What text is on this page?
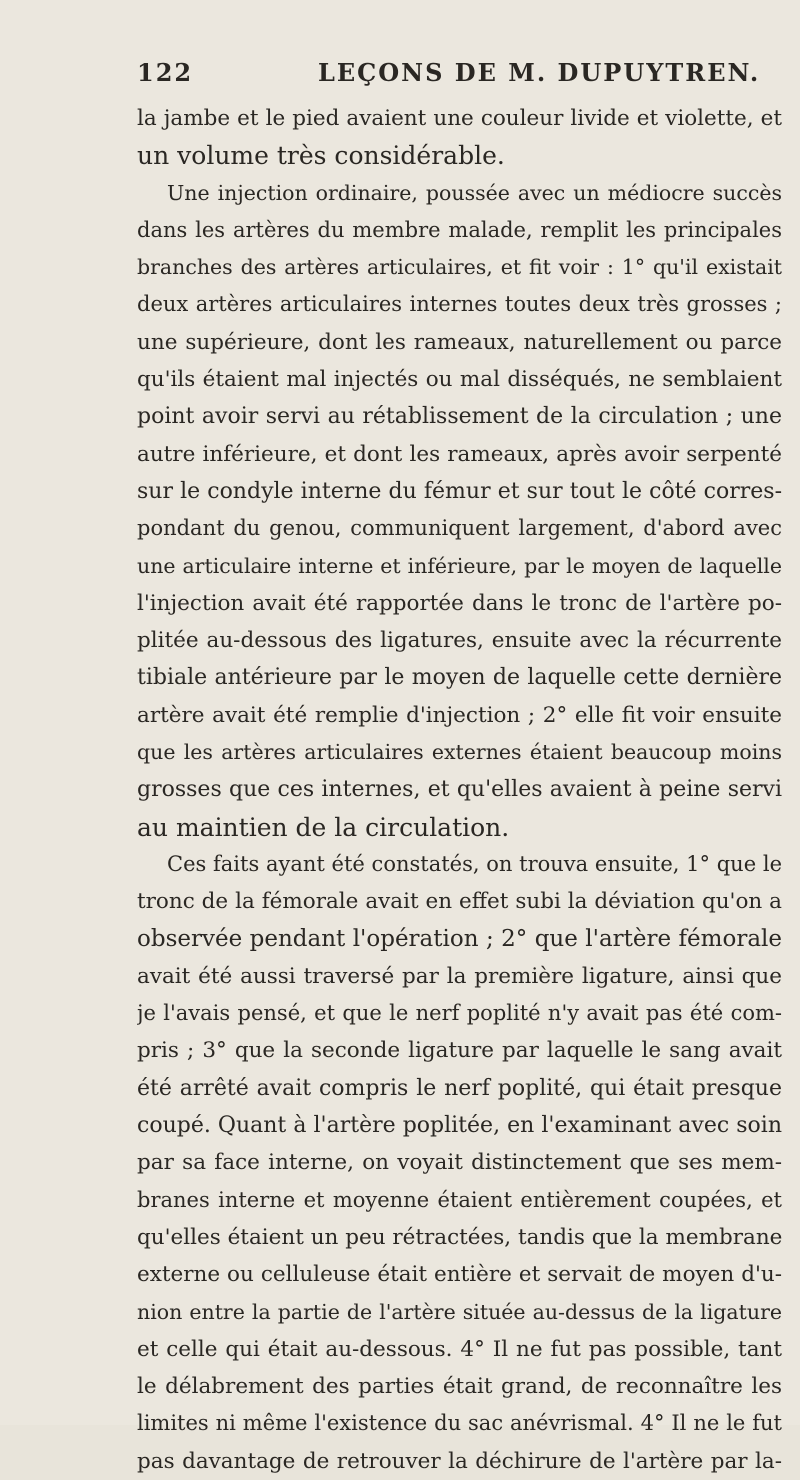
122	LEÇONS DE M. DUPUYTREN.
la jambe et le pied avaient une couleur livide et violette, et
un volume très considérable.
Une injection ordinaire, poussée avec un médiocre succès
dans les artères du membre malade, remplit les principales
branches des artères articulaires, et fit voir : 1° qu'il existait
deux artères articulaires internes toutes deux très grosses ;
une supérieure, dont les rameaux, naturellement ou parce
qu'ils étaient mal injectés ou mal disséqués, ne semblaient
point avoir servi au rétablissement de la circulation ; une
autre inférieure, et dont les rameaux, après avoir serpenté
sur le condyle interne du fémur et sur tout le côté corres-
pondant du genou, communiquent largement, d'abord avec
une articulaire interne et inférieure, par le moyen de laquelle
l'injection avait été rapportée dans le tronc de l'artère po-
plitée au-dessous des ligatures, ensuite avec la récurrente
tibiale antérieure par le moyen de laquelle cette dernière
artère avait été remplie d'injection ; 2° elle fit voir ensuite
que les artères articulaires externes étaient beaucoup moins
grosses que ces internes, et qu'elles avaient à peine servi
au maintien de la circulation.
Ces faits ayant été constatés, on trouva ensuite, 1° que le
tronc de la fémorale avait en effet subi la déviation qu'on a
observée pendant l'opération ; 2° que l'artère fémorale
avait été aussi traversé par la première ligature, ainsi que
je l'avais pensé, et que le nerf poplité n'y avait pas été com-
pris ; 3° que la seconde ligature par laquelle le sang avait
été arrêté avait compris le nerf poplité, qui était presque
coupé. Quant à l'artère poplitée, en l'examinant avec soin
par sa face interne, on voyait distinctement que ses mem-
branes interne et moyenne étaient entièrement coupées, et
qu'elles étaient un peu rétractées, tandis que la membrane
externe ou celluleuse était entière et servait de moyen d'u-
nion entre la partie de l'artère située au-dessus de la ligature
et celle qui était au-dessous. 4° Il ne fut pas possible, tant
le délabrement des parties était grand, de reconnaître les
limites ni même l'existence du sac anévrismal. 4° Il ne le fut
pas davantage de retrouver la déchirure de l'artère par la-
